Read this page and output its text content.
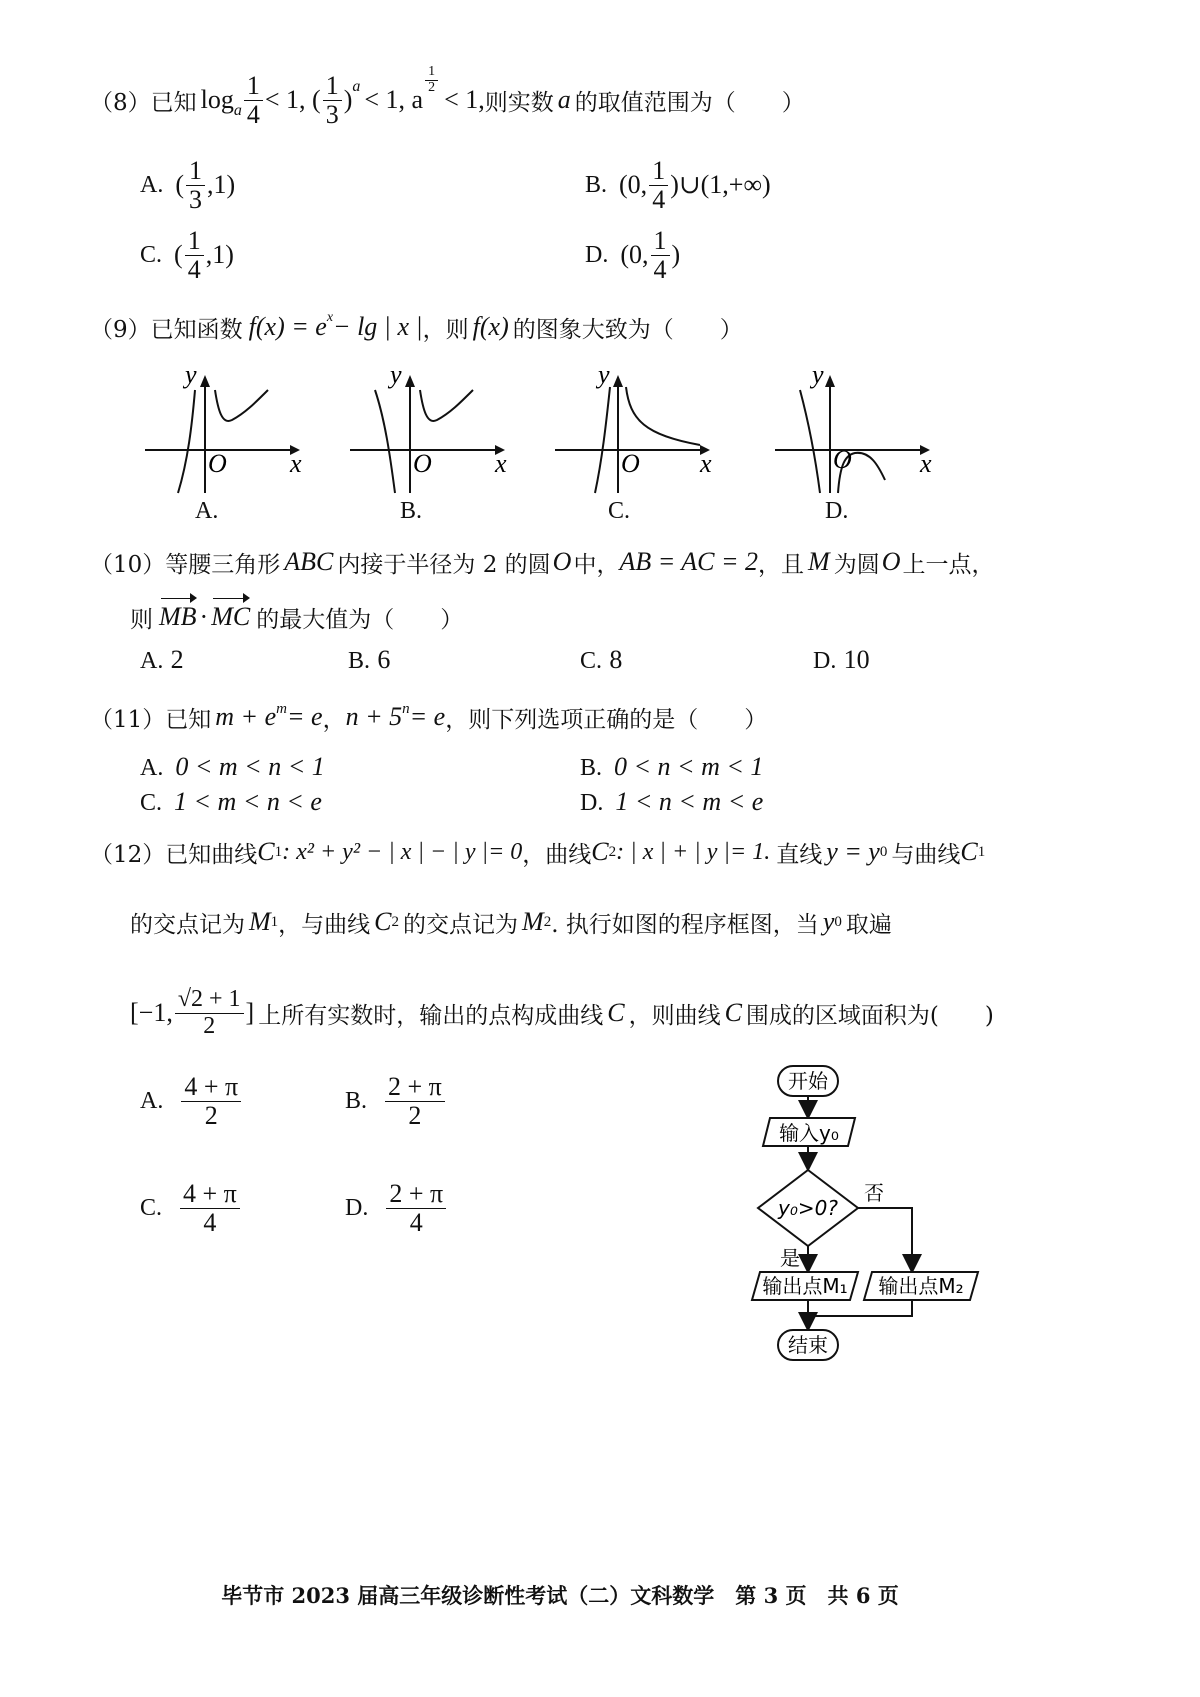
（8） 已知 log a $\frac{1}{4} < 1$, ( $\frac{1}{3}$ ) a < 1, a
$\frac{1}{2}$
< 1, 则实数 a 的取值范围为（　　）
A. ( $\frac{1}{3} ,1$)	B. (0, $\frac{1}{4}$ )∪(1,+∞)
C. ( $\frac{1}{4} ,1$)	D. (0, $\frac{1}{4}$ )
（9） 已知函数 f(x) = e x − lg | x | ，则 f(x) 的图象大致为（　　）
y
x
O
A.
y
x
O
B.
y
x
O
C.
y
x
O
D.
（10） 等腰三角形 ABC 内接于半径为 2 的圆 O 中， AB = AC = 2 ，且 M 为圆 O 上一点，
则 MB · MC 的最大值为（　　）
A. 2	B. 6	C. 8	D. 10
（11） 已知 m + e m = e ， n + 5 n = e ，则下列选项正确的是（　　）
A. 0 < m < n < 1	B. 0 < n < m < 1
C. 1 < m < n < e	D. 1 < n < m < e
（12） 已知曲线 C 1 : x² + y² − | x | − | y |= 0 ，曲线 C 2 : | x | + | y |= 1. 直线 y = y 0 与曲线 C 1
的交点记为 M 1 ，与曲线 C 2 的交点记为 M 2 . 执行如图的程序框图，当 y 0 取遍
[−1, $\frac{√2 + 1}{2}$ ] 上所有实数时，输出的点构成曲线 C ，则曲线 C 围成的区域面积为(　　)
A. $\frac{4 + \pi}{2}$	B. $\frac{2 + \pi}{2}$
C. $\frac{4 + \pi}{4}$	D. $\frac{2 + \pi}{4}$
开始
输入y₀
y₀>0?
否
是
输出点M₁ 输出点M₂
结束
毕节市 2023 届高三年级诊断性考试（二）文科数学　第 3 页　共 6 页
